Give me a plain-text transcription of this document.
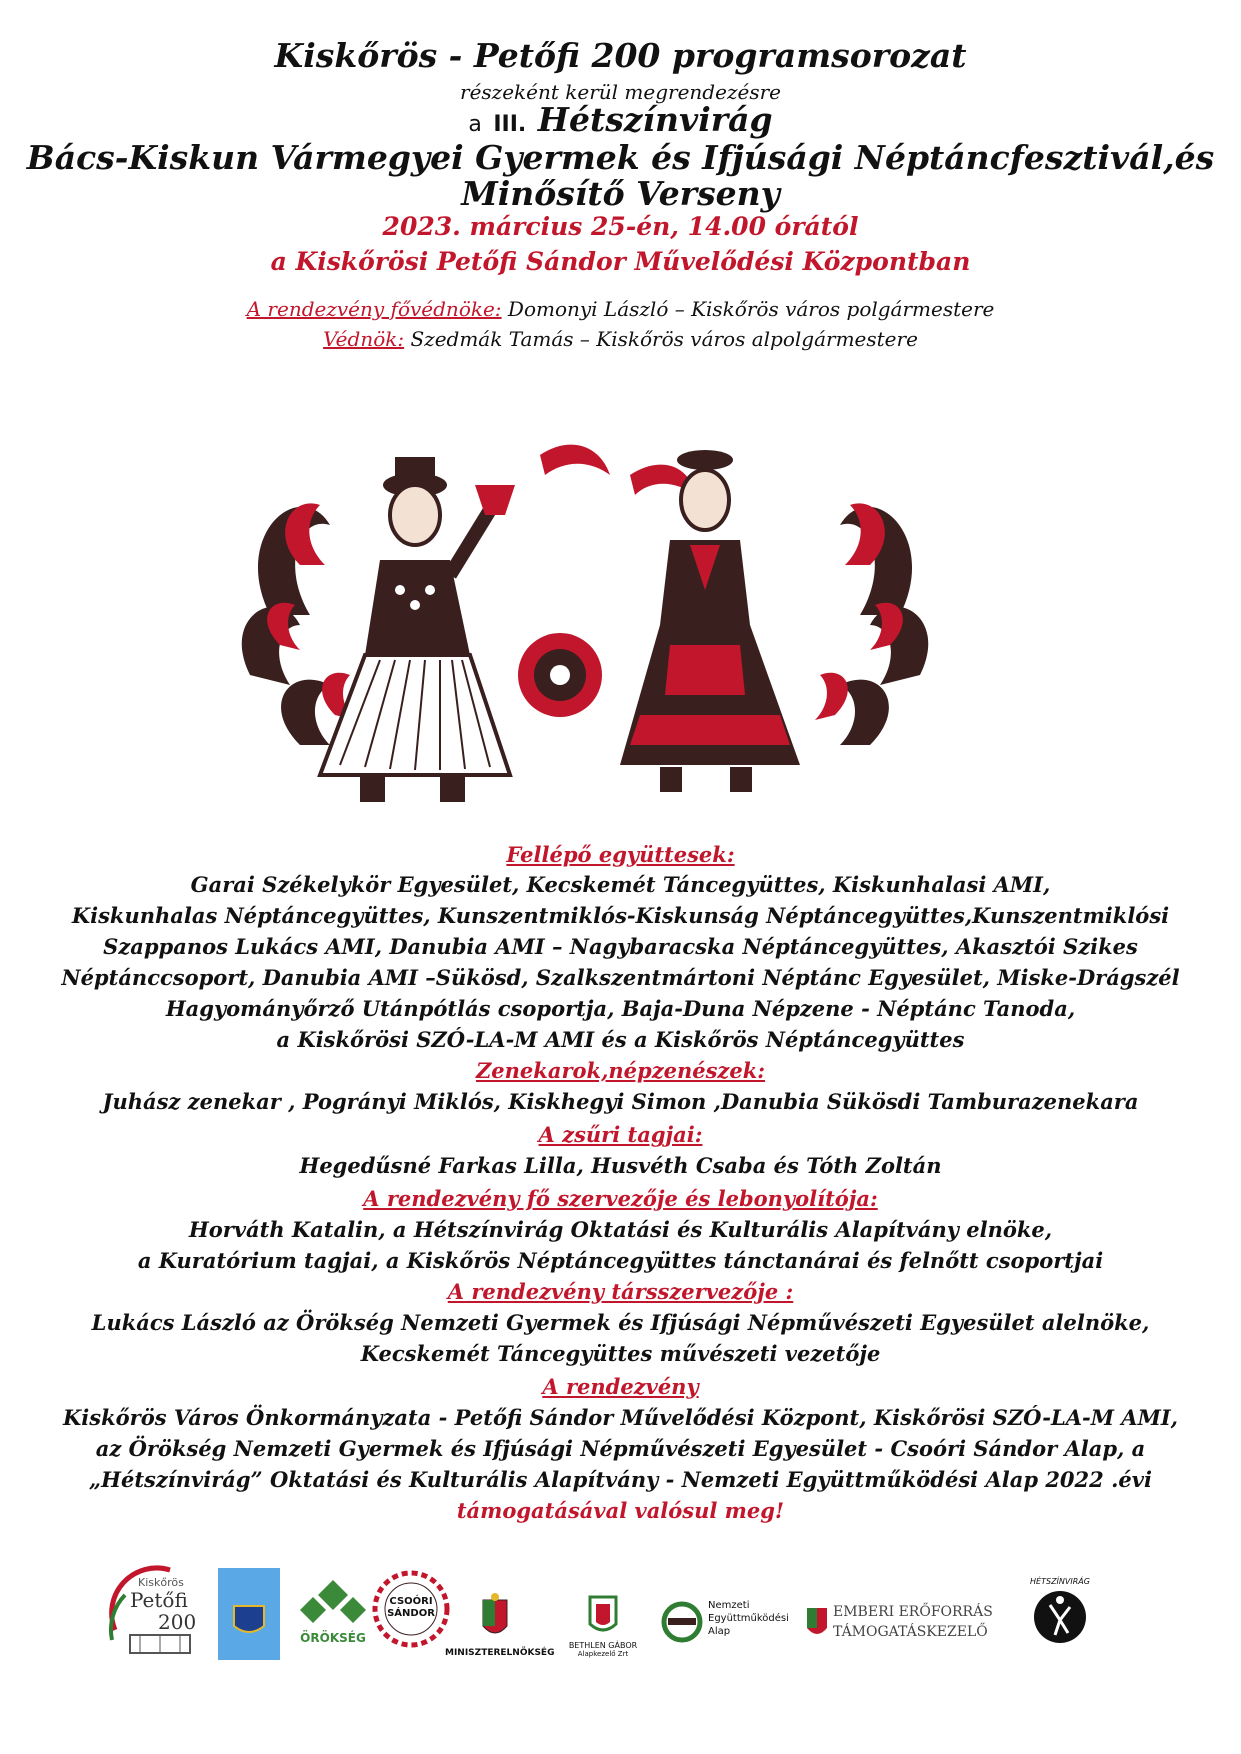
Kiskőrös - Petőfi 200 programsorozat
részeként kerül megrendezésre
a III. Hétszínvirág
Bács-Kiskun Vármegyei Gyermek és Ifjúsági Néptáncfesztivál,és
Minősítő Verseny
2023. március 25-én, 14.00 órától
a Kiskőrösi Petőfi Sándor Művelődési Központban
A rendezvény fővédnöke: Domonyi László – Kiskőrös város polgármestere
Védnök: Szedmák Tamás – Kiskőrös város alpolgármestere
Fellépő együttesek:
Garai Székelykör Egyesület, Kecskemét Táncegyüttes, Kiskunhalasi AMI,
Kiskunhalas Néptáncegyüttes, Kunszentmiklós-Kiskunság Néptáncegyüttes,Kunszentmiklósi
Szappanos Lukács AMI, Danubia AMI – Nagybaracska Néptáncegyüttes, Akasztói Szikes
Néptánccsoport, Danubia AMI –Sükösd, Szalkszentmártoni Néptánc Egyesület, Miske-Drágszél
Hagyományőrző Utánpótlás csoportja, Baja-Duna Népzene - Néptánc Tanoda,
a Kiskőrösi SZÓ-LA-M AMI és a Kiskőrös Néptáncegyüttes
Zenekarok,népzenészek:
Juhász zenekar , Pogrányi Miklós, Kiskhegyi Simon ,Danubia Sükösdi Tamburazenekara
A zsűri tagjai:
Hegedűsné Farkas Lilla, Husvéth Csaba és Tóth Zoltán
A rendezvény fő szervezője és lebonyolítója:
Horváth Katalin, a Hétszínvirág Oktatási és Kulturális Alapítvány elnöke,
a Kuratórium tagjai, a Kiskőrös Néptáncegyüttes tánctanárai és felnőtt csoportjai
A rendezvény társszervezője :
Lukács László az Örökség Nemzeti Gyermek és Ifjúsági Népművészeti Egyesület alelnöke,
Kecskemét Táncegyüttes művészeti vezetője
A rendezvény
Kiskőrös Város Önkormányzata - Petőfi Sándor Művelődési Központ, Kiskőrösi SZÓ-LA-M AMI,
az Örökség Nemzeti Gyermek és Ifjúsági Népművészeti Egyesület - Csoóri Sándor Alap, a
„Hétszínvirág” Oktatási és Kulturális Alapítvány - Nemzeti Együttműködési Alap 2022 .évi
támogatásával valósul meg!
Kiskőrös
Petőfi
200
ÖRÖKSÉG
CSOÓRI
SÁNDOR
MINISZTERELNÖKSÉG
BETHLEN GÁBOR
Alapkezelő Zrt
Nemzeti
Együttműködési
Alap
EMBERI ERŐFORRÁS
TÁMOGATÁSKEZELŐ
HÉTSZÍNVIRÁG
